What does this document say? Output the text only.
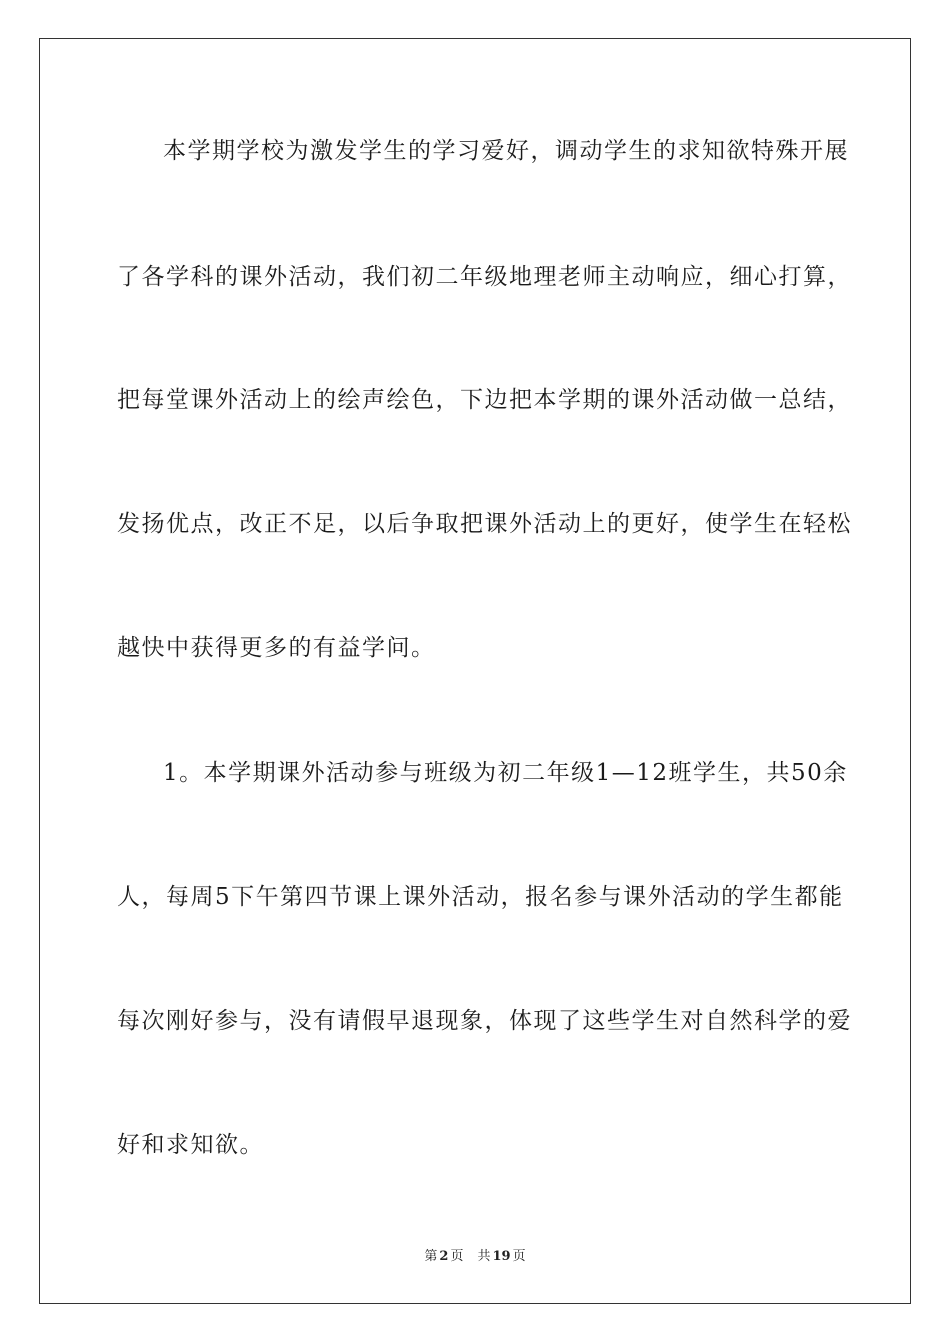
本学期学校为激发学生的学习爱好，调动学生的求知欲特殊开展
了各学科的课外活动，我们初二年级地理老师主动响应，细心打算，
把每堂课外活动上的绘声绘色，下边把本学期的课外活动做一总结，
发扬优点，改正不足，以后争取把课外活动上的更好，使学生在轻松
越快中获得更多的有益学问。
1。本学期课外活动参与班级为初二年级1—12班学生，共50余
人，每周5下午第四节课上课外活动，报名参与课外活动的学生都能
每次刚好参与，没有请假早退现象，体现了这些学生对自然科学的爱
好和求知欲。
第 2 页 共 19 页
